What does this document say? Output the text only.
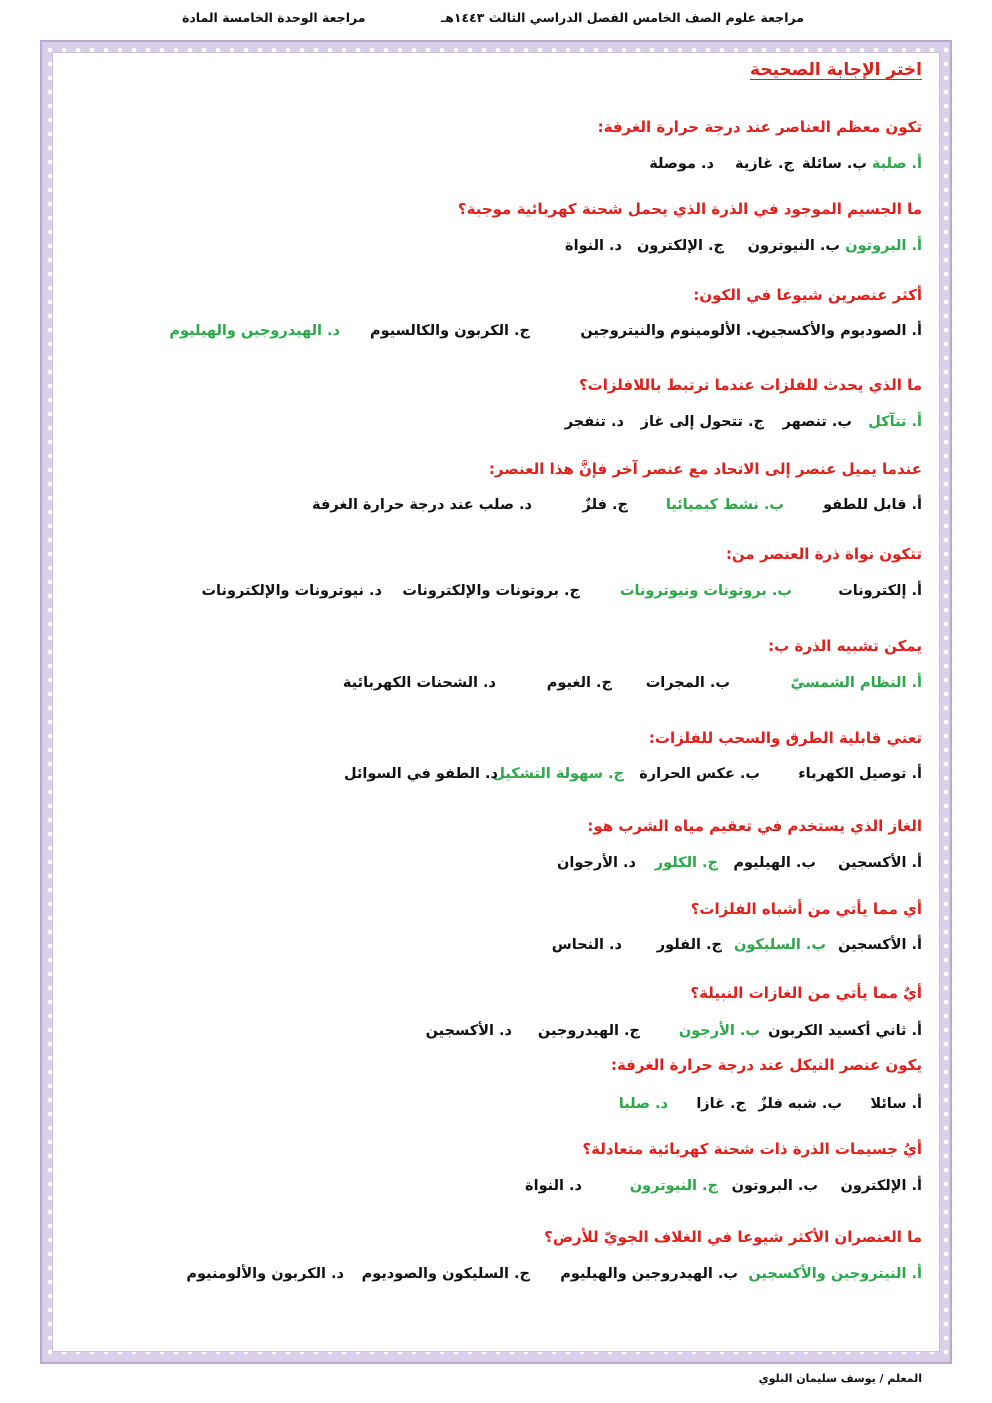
مراجعة علوم الصف الخامس الفصل الدراسي الثالث ١٤٤٣هـ
مراجعة الوحدة الخامسة المادة
اختر الإجابة الصحيحة
تكون معظم العناصر عند درجة حرارة الغرفة:
أ. صلبة
ب. سائلة
ج. غازية
د. موصلة
ما الجسيم الموجود في الذرة الذي يحمل شحنة كهربائية موجبة؟
أ. البروتون
ب. النيوترون
ج. الإلكترون
د. النواة
أكثر عنصرين شيوعا في الكون:
أ. الصوديوم والأكسجين
ب. الألومينوم والنيتروجين
ج. الكربون والكالسيوم
د. الهيدروجين والهيليوم
ما الذي يحدث للفلزات عندما ترتبط باللافلزات؟
أ. تتآكل
ب. تنصهر
ج. تتحول إلى غاز
د. تنفجر
عندما يميل عنصر إلى الاتحاد مع عنصر آخر فإنَّ هذا العنصر:
أ. قابل للطفو
ب. نشط كيميائيا
ج. فلزٌ
د. صلب عند درجة حرارة الغرفة
تتكون نواة ذرة العنصر من:
أ. إلكترونات
ب. بروتونات ونيوترونات
ج. بروتونات والإلكترونات
د. نيوترونات والإلكترونات
يمكن تشبيه الذرة ب:
أ. النظام الشمسيّ
ب. المجرات
ج. الغيوم
د. الشحنات الكهربائية
تعني قابلية الطرق والسحب للفلزات:
أ. توصيل الكهرباء
ب. عكس الحرارة
ج. سهولة التشكيل
د. الطفو في السوائل
الغاز الذي يستخدم في تعقيم مياه الشرب هو:
أ. الأكسجين
ب. الهيليوم
ج. الكلور
د. الأرجوان
أي مما يأتي من أشباه الفلزات؟
أ. الأكسجين
ب. السليكون
ج. الفلور
د. النحاس
أيٌ مما يأتي من الغازات النبيلة؟
أ. ثاني أكسيد الكربون
ب. الأرجون
ج. الهيدروجين
د. الأكسجين
يكون عنصر النيكل عند درجة حرارة الغرفة:
أ. سائلا
ب. شبه فلزٌ
ج. غازا
د. صلبا
أيُ جسيمات الذرة ذات شحنة كهربائية متعادلة؟
أ. الإلكترون
ب. البروتون
ج. النيوترون
د. النواة
ما العنصران الأكثر شيوعا في الغلاف الجويّ للأرض؟
أ. النيتروجين والأكسجين
ب. الهيدروجين والهيليوم
ج. السليكون والصوديوم
د. الكربون والألومنيوم
المعلم / يوسف سليمان البلوي
